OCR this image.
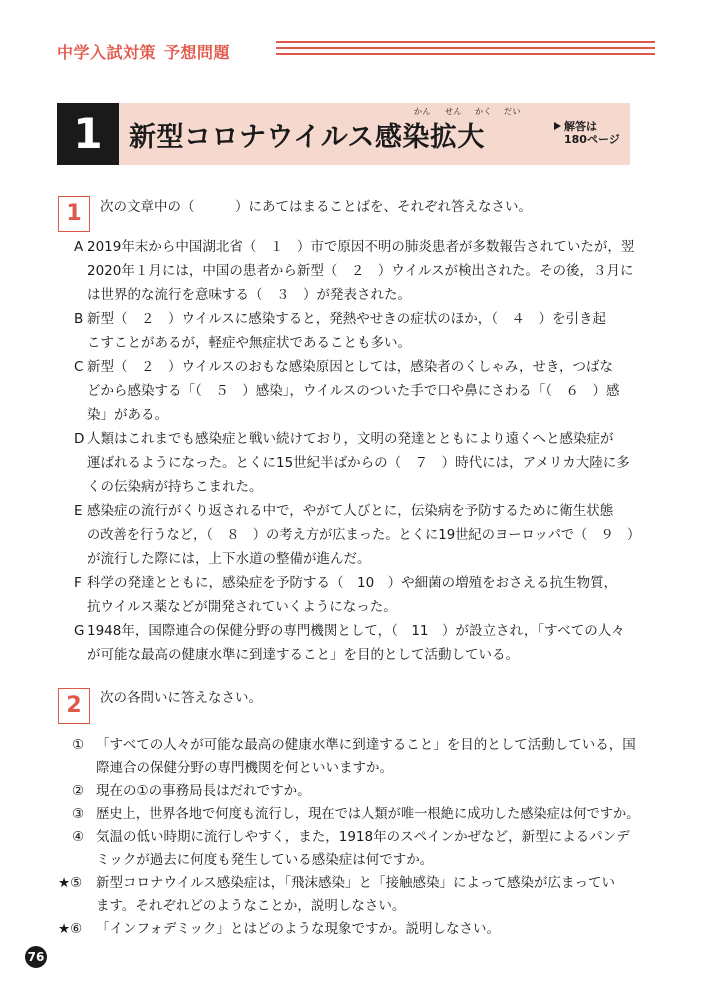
中学入試対策 予想問題
1 新型コロナウイルス感染拡大
かん せん かく だい
解答は
180ページ
1	次の文章中の（　　　）にあてはまることばを、それぞれ答えなさい。
A 2019年末から中国湖北省（　１　）市で原因不明の肺炎患者が多数報告されていたが，翌
2020年１月には，中国の患者から新型（　２　）ウイルスが検出された。その後，３月に
は世界的な流行を意味する（　３　）が発表された。
B 新型（　２　）ウイルスに感染すると，発熱やせきの症状のほか，（　４　）を引き起
こすことがあるが，軽症や無症状であることも多い。
C 新型（　２　）ウイルスのおもな感染原因としては，感染者のくしゃみ，せき，つばな
どから感染する「（　５　）感染」，ウイルスのついた手で口や鼻にさわる「（　６　）感
染」がある。
D 人類はこれまでも感染症と戦い続けており，文明の発達とともにより遠くへと感染症が
運ばれるようになった。とくに15世紀半ばからの（　７　）時代には，アメリカ大陸に多
くの伝染病が持ちこまれた。
E 感染症の流行がくり返される中で，やがて人びとに，伝染病を予防するために衛生状態
の改善を行うなど，（　８　）の考え方が広まった。とくに19世紀のヨーロッパで（　９　）
が流行した際には，上下水道の整備が進んだ。
F 科学の発達とともに，感染症を予防する（　10　）や細菌の増殖をおさえる抗生物質，
抗ウイルス薬などが開発されていくようになった。
G 1948年，国際連合の保健分野の専門機関として，（　11　）が設立され，「すべての人々
が可能な最高の健康水準に到達すること」を目的として活動している。
2	次の各問いに答えなさい。
① 「すべての人々が可能な最高の健康水準に到達すること」を目的として活動している，国
際連合の保健分野の専門機関を何といいますか。
② 現在の①の事務局長はだれですか。
③ 歴史上，世界各地で何度も流行し，現在では人類が唯一根絶に成功した感染症は何ですか。
④ 気温の低い時期に流行しやすく，また，1918年のスペインかぜなど，新型によるパンデ
ミックが過去に何度も発生している感染症は何ですか。
★⑤ 新型コロナウイルス感染症は，「飛沫感染」と「接触感染」によって感染が広まってい
ます。それぞれどのようなことか，説明しなさい。
★⑥ 「インフォデミック」とはどのような現象ですか。説明しなさい。
76
